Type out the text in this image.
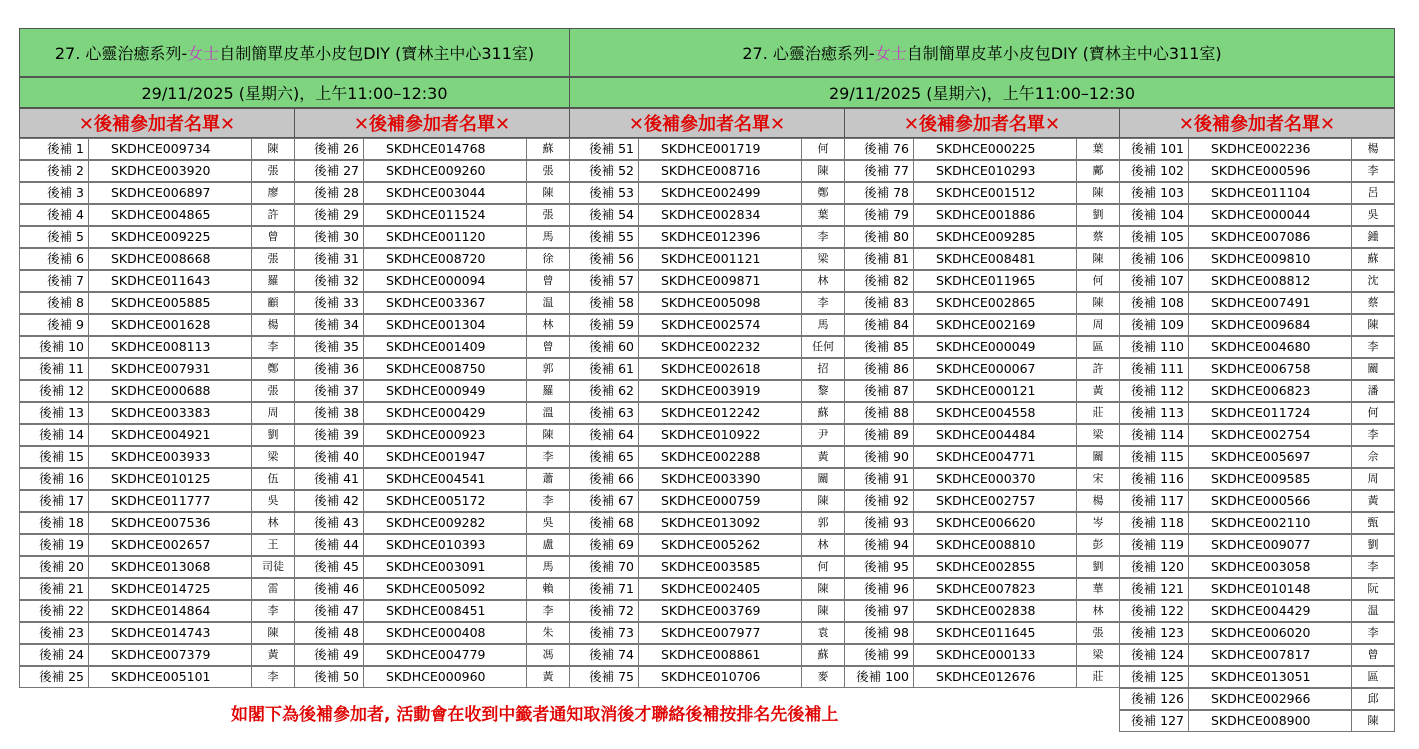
27. 心靈治癒系列-女士自制簡單皮革小皮包DIY (寶林主中心311室)
29/11/2025 (星期六)，上午11:00–12:30
27. 心靈治癒系列-女士自制簡單皮革小皮包DIY (寶林主中心311室)
29/11/2025 (星期六)，上午11:00–12:30
✕後補參加者名單✕	✕後補參加者名單✕	✕後補參加者名單✕	✕後補參加者名單✕	✕後補參加者名單✕
後補 1	SKDHCE009734	陳
後補 2	SKDHCE003920	張
後補 3	SKDHCE006897	廖
後補 4	SKDHCE004865	許
後補 5	SKDHCE009225	曾
後補 6	SKDHCE008668	張
後補 7	SKDHCE011643	羅
後補 8	SKDHCE005885	顧
後補 9	SKDHCE001628	楊
後補 10	SKDHCE008113	李
後補 11	SKDHCE007931	鄭
後補 12	SKDHCE000688	張
後補 13	SKDHCE003383	周
後補 14	SKDHCE004921	劉
後補 15	SKDHCE003933	梁
後補 16	SKDHCE010125	伍
後補 17	SKDHCE011777	吳
後補 18	SKDHCE007536	林
後補 19	SKDHCE002657	王
後補 20	SKDHCE013068	司徒
後補 21	SKDHCE014725	雷
後補 22	SKDHCE014864	李
後補 23	SKDHCE014743	陳
後補 24	SKDHCE007379	黃
後補 25	SKDHCE005101	李
後補 26	SKDHCE014768	蘇
後補 27	SKDHCE009260	張
後補 28	SKDHCE003044	陳
後補 29	SKDHCE011524	張
後補 30	SKDHCE001120	馬
後補 31	SKDHCE008720	徐
後補 32	SKDHCE000094	曾
後補 33	SKDHCE003367	温
後補 34	SKDHCE001304	林
後補 35	SKDHCE001409	曾
後補 36	SKDHCE008750	郭
後補 37	SKDHCE000949	羅
後補 38	SKDHCE000429	溫
後補 39	SKDHCE000923	陳
後補 40	SKDHCE001947	李
後補 41	SKDHCE004541	蕭
後補 42	SKDHCE005172	李
後補 43	SKDHCE009282	吳
後補 44	SKDHCE010393	盧
後補 45	SKDHCE003091	馬
後補 46	SKDHCE005092	賴
後補 47	SKDHCE008451	李
後補 48	SKDHCE000408	朱
後補 49	SKDHCE004779	馮
後補 50	SKDHCE000960	黃
後補 51	SKDHCE001719	何
後補 52	SKDHCE008716	陳
後補 53	SKDHCE002499	鄭
後補 54	SKDHCE002834	葉
後補 55	SKDHCE012396	李
後補 56	SKDHCE001121	梁
後補 57	SKDHCE009871	林
後補 58	SKDHCE005098	李
後補 59	SKDHCE002574	馬
後補 60	SKDHCE002232	任何
後補 61	SKDHCE002618	招
後補 62	SKDHCE003919	黎
後補 63	SKDHCE012242	蘇
後補 64	SKDHCE010922	尹
後補 65	SKDHCE002288	黃
後補 66	SKDHCE003390	關
後補 67	SKDHCE000759	陳
後補 68	SKDHCE013092	郭
後補 69	SKDHCE005262	林
後補 70	SKDHCE003585	何
後補 71	SKDHCE002405	陳
後補 72	SKDHCE003769	陳
後補 73	SKDHCE007977	袁
後補 74	SKDHCE008861	蘇
後補 75	SKDHCE010706	麥
後補 76	SKDHCE000225	葉
後補 77	SKDHCE010293	鄺
後補 78	SKDHCE001512	陳
後補 79	SKDHCE001886	劉
後補 80	SKDHCE009285	蔡
後補 81	SKDHCE008481	陳
後補 82	SKDHCE011965	何
後補 83	SKDHCE002865	陳
後補 84	SKDHCE002169	周
後補 85	SKDHCE000049	區
後補 86	SKDHCE000067	許
後補 87	SKDHCE000121	黃
後補 88	SKDHCE004558	莊
後補 89	SKDHCE004484	梁
後補 90	SKDHCE004771	關
後補 91	SKDHCE000370	宋
後補 92	SKDHCE002757	楊
後補 93	SKDHCE006620	岑
後補 94	SKDHCE008810	彭
後補 95	SKDHCE002855	劉
後補 96	SKDHCE007823	華
後補 97	SKDHCE002838	林
後補 98	SKDHCE011645	張
後補 99	SKDHCE000133	梁
後補 100	SKDHCE012676	莊
後補 101	SKDHCE002236	楊
後補 102	SKDHCE000596	李
後補 103	SKDHCE011104	呂
後補 104	SKDHCE000044	吳
後補 105	SKDHCE007086	鍾
後補 106	SKDHCE009810	蘇
後補 107	SKDHCE008812	沈
後補 108	SKDHCE007491	蔡
後補 109	SKDHCE009684	陳
後補 110	SKDHCE004680	李
後補 111	SKDHCE006758	關
後補 112	SKDHCE006823	潘
後補 113	SKDHCE011724	何
後補 114	SKDHCE002754	李
後補 115	SKDHCE005697	佘
後補 116	SKDHCE009585	周
後補 117	SKDHCE000566	黃
後補 118	SKDHCE002110	甄
後補 119	SKDHCE009077	劉
後補 120	SKDHCE003058	李
後補 121	SKDHCE010148	阮
後補 122	SKDHCE004429	温
後補 123	SKDHCE006020	李
後補 124	SKDHCE007817	曾
後補 125	SKDHCE013051	區
後補 126	SKDHCE002966	邱
後補 127	SKDHCE008900	陳
如閣下為後補參加者, 活動會在收到中籤者通知取消後才聯絡後補按排名先後補上
